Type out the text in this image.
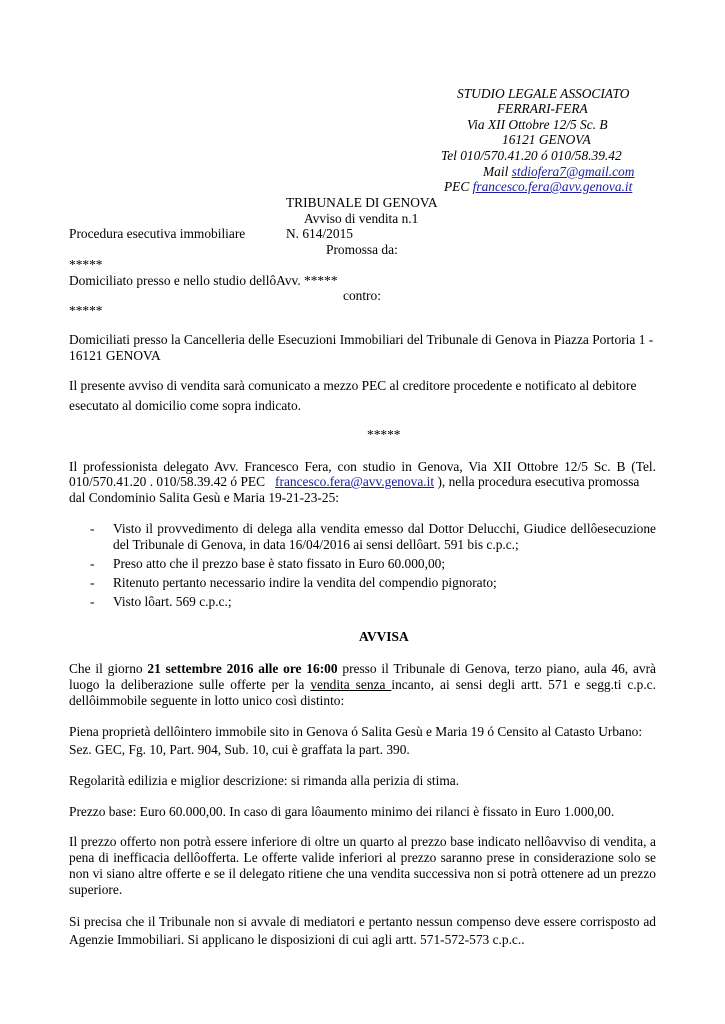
STUDIO LEGALE ASSOCIATO
FERRARI-FERA
Via XII Ottobre 12/5 Sc. B
16121 GENOVA
Tel 010/570.41.20 ó 010/58.39.42
Mail stdiofera7@gmail.com
PEC francesco.fera@avv.genova.it
TRIBUNALE DI GENOVA
Avviso di vendita n.1
Procedura esecutiva immobiliare	N. 614/2015
Promossa da:
*****
Domiciliato presso e nello studio dellôAvv. *****
contro:
*****
Domiciliati presso la Cancelleria delle Esecuzioni Immobiliari del Tribunale di Genova in Piazza Portoria 1 -
16121 GENOVA
Il presente avviso di vendita sarà comunicato a mezzo PEC al creditore procedente e notificato al debitore
esecutato al domicilio come sopra indicato.
*****
Il professionista delegato Avv. Francesco Fera, con studio in Genova, Via XII Ottobre 12/5 Sc. B (Tel.
010/570.41.20 . 010/58.39.42 ó PEC francesco.fera@avv.genova.it ), nella procedura esecutiva promossa
dal Condominio Salita Gesù e Maria 19-21-23-25:
- Visto il provvedimento di delega alla vendita emesso dal Dottor Delucchi, Giudice dellôesecuzione
del Tribunale di Genova, in data 16/04/2016 ai sensi dellôart. 591 bis c.p.c.;
- Preso atto che il prezzo base è stato fissato in Euro 60.000,00;
- Ritenuto pertanto necessario indire la vendita del compendio pignorato;
- Visto lôart. 569 c.p.c.;
AVVISA
Che il giorno 21 settembre 2016 alle ore 16:00 presso il Tribunale di Genova, terzo piano, aula 46, avrà
luogo la deliberazione sulle offerte per la vendita senza incanto, ai sensi degli artt. 571 e segg.ti c.p.c.
dellôimmobile seguente in lotto unico così distinto:
Piena proprietà dellôintero immobile sito in Genova ó Salita Gesù e Maria 19 ó Censito al Catasto Urbano:
Sez. GEC, Fg. 10, Part. 904, Sub. 10, cui è graffata la part. 390.
Regolarità edilizia e miglior descrizione: si rimanda alla perizia di stima.
Prezzo base: Euro 60.000,00. In caso di gara lôaumento minimo dei rilanci è fissato in Euro 1.000,00.
Il prezzo offerto non potrà essere inferiore di oltre un quarto al prezzo base indicato nellôavviso di vendita, a
pena di inefficacia dellôofferta. Le offerte valide inferiori al prezzo saranno prese in considerazione solo se
non vi siano altre offerte e se il delegato ritiene che una vendita successiva non si potrà ottenere ad un prezzo
superiore.
Si precisa che il Tribunale non si avvale di mediatori e pertanto nessun compenso deve essere corrisposto ad
Agenzie Immobiliari. Si applicano le disposizioni di cui agli artt. 571-572-573 c.p.c..
